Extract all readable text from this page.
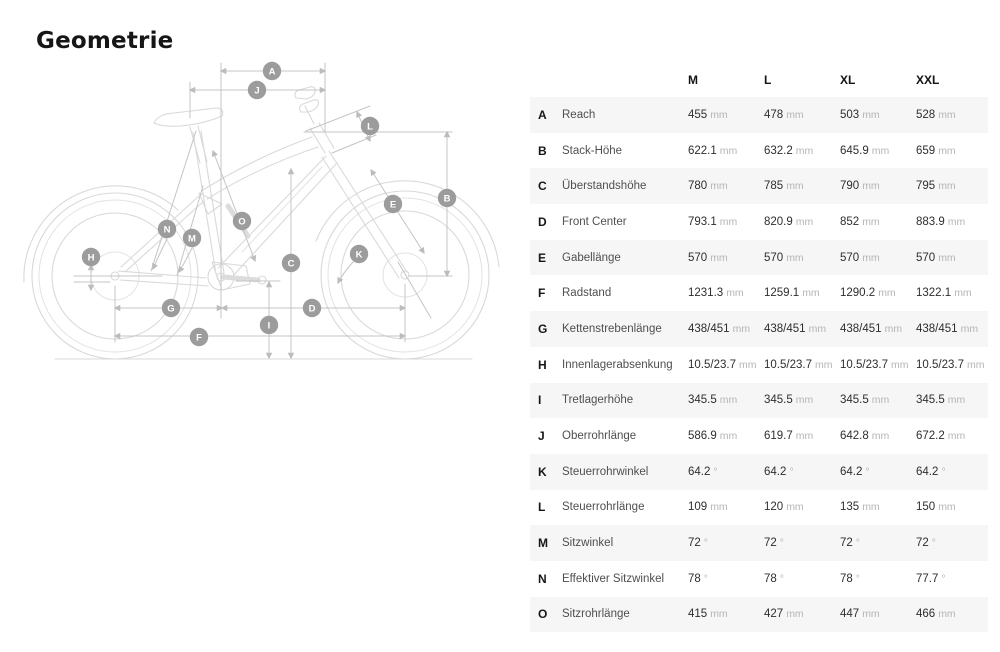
Geometrie
A
J
L
B
E
O
N
M
K
H
C
G	D
I
F
M	L	XL	XXL
A	Reach	455 mm	478 mm	503 mm	528 mm
B	Stack-Höhe	622.1 mm	632.2 mm	645.9 mm	659 mm
C	Überstandshöhe	780 mm	785 mm	790 mm	795 mm
D	Front Center	793.1 mm	820.9 mm	852 mm	883.9 mm
E	Gabellänge	570 mm	570 mm	570 mm	570 mm
F	Radstand	1231.3 mm	1259.1 mm	1290.2 mm	1322.1 mm
G	Kettenstrebenlänge	438/451 mm	438/451 mm	438/451 mm	438/451 mm
H	Innenlagerabsenkung	10.5/23.7 mm 10.5/23.7 mm 10.5/23.7 mm 10.5/23.7 mm
I	Tretlagerhöhe	345.5 mm	345.5 mm	345.5 mm	345.5 mm
J	Oberrohrlänge	586.9 mm	619.7 mm	642.8 mm	672.2 mm
K	Steuerrohrwinkel	64.2 °	64.2 °	64.2 °	64.2 °
L	Steuerrohrlänge	109 mm	120 mm	135 mm	150 mm
M	Sitzwinkel	72 °	72 °	72 °	72 °
N	Effektiver Sitzwinkel	78 °	78 °	78 °	77.7 °
O	Sitzrohrlänge	415 mm	427 mm	447 mm	466 mm
